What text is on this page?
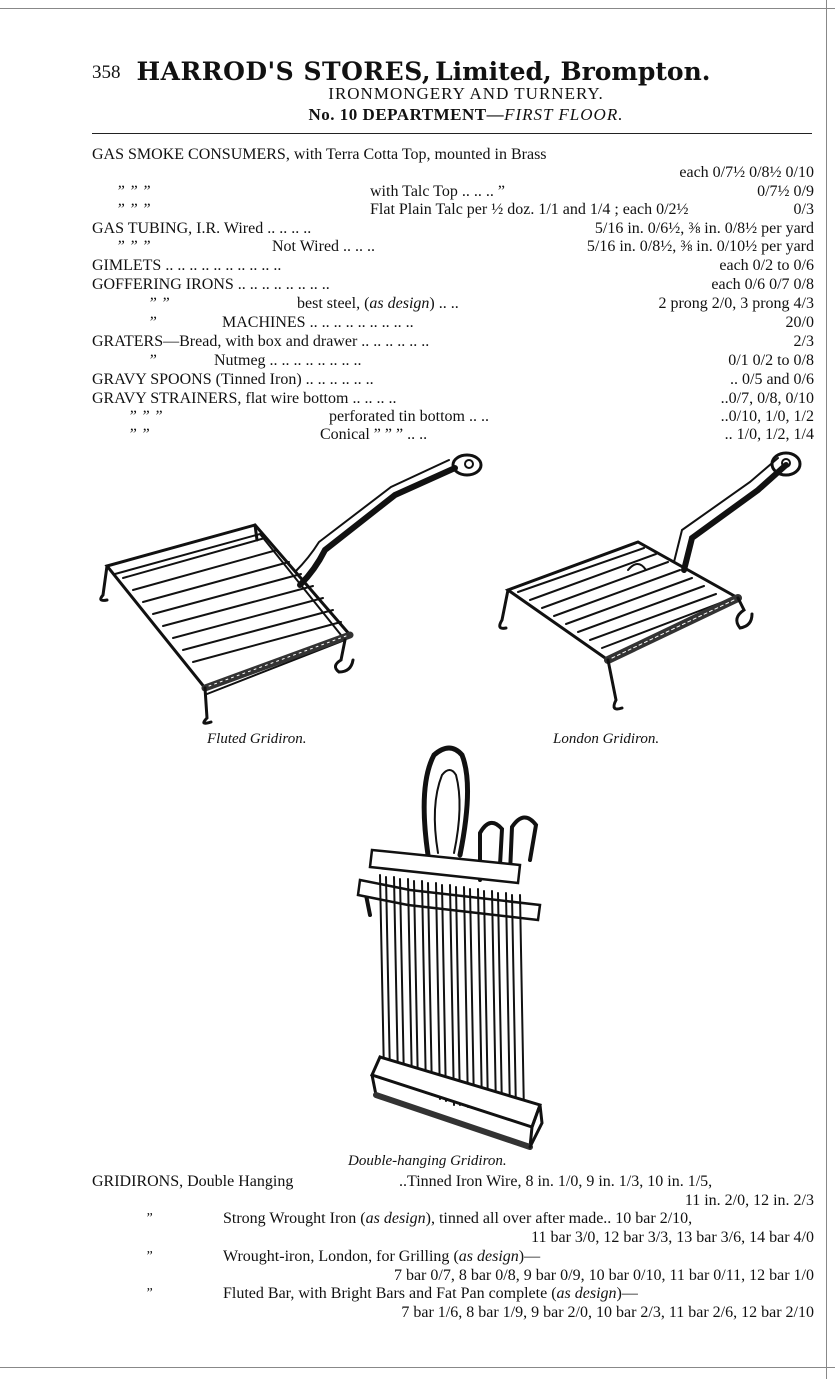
358 HARROD'S STORES, Limited, Brompton.
IRONMONGERY AND TURNERY.
No. 10 DEPARTMENT—FIRST FLOOR.
GAS SMOKE CONSUMERS, with Terra Cotta Top, mounted in Brass
each 0/7½ 0/8½ 0/10
” ” ”	with Talc Top .. .. .. ”	0/7½ 0/9
” ” ”	Flat Plain Talc per ½ doz. 1/1 and 1/4 ; each 0/2½	0/3
GAS TUBING, I.R. Wired .. .. .. ..	5/16 in. 0/6½, ⅜ in. 0/8½ per yard
” ” ”	Not Wired .. .. ..	5/16 in. 0/8½, ⅜ in. 0/10½ per yard
GIMLETS .. .. .. .. .. .. .. .. .. ..	each 0/2 to 0/6
GOFFERING IRONS .. .. .. .. .. .. .. ..	each 0/6 0/7 0/8
” ”	best steel, (as design) .. ..	2 prong 2/0, 3 prong 4/3
”	MACHINES .. .. .. .. .. .. .. .. ..	20/0
GRATERS—Bread, with box and drawer .. .. .. .. .. ..	2/3
”	Nutmeg .. .. .. .. .. .. .. ..	0/1 0/2 to 0/8
GRAVY SPOONS (Tinned Iron) .. .. .. .. .. ..	.. 0/5 and 0/6
GRAVY STRAINERS, flat wire bottom .. .. .. ..	..0/7, 0/8, 0/10
” ” ”	perforated tin bottom .. ..	..0/10, 1/0, 1/2
” ”	Conical ” ” ” .. ..	.. 1/0, 1/2, 1/4
Fluted Gridiron.	London Gridiron.
Double-hanging Gridiron.
GRIDIRONS, Double Hanging	..Tinned Iron Wire, 8 in. 1/0, 9 in. 1/3, 10 in. 1/5,
11 in. 2/0, 12 in. 2/3
”	Strong Wrought Iron (as design), tinned all over after made.. 10 bar 2/10,
11 bar 3/0, 12 bar 3/3, 13 bar 3/6, 14 bar 4/0
”	Wrought-iron, London, for Grilling (as design)—
7 bar 0/7, 8 bar 0/8, 9 bar 0/9, 10 bar 0/10, 11 bar 0/11, 12 bar 1/0
”	Fluted Bar, with Bright Bars and Fat Pan complete (as design)—
7 bar 1/6, 8 bar 1/9, 9 bar 2/0, 10 bar 2/3, 11 bar 2/6, 12 bar 2/10
